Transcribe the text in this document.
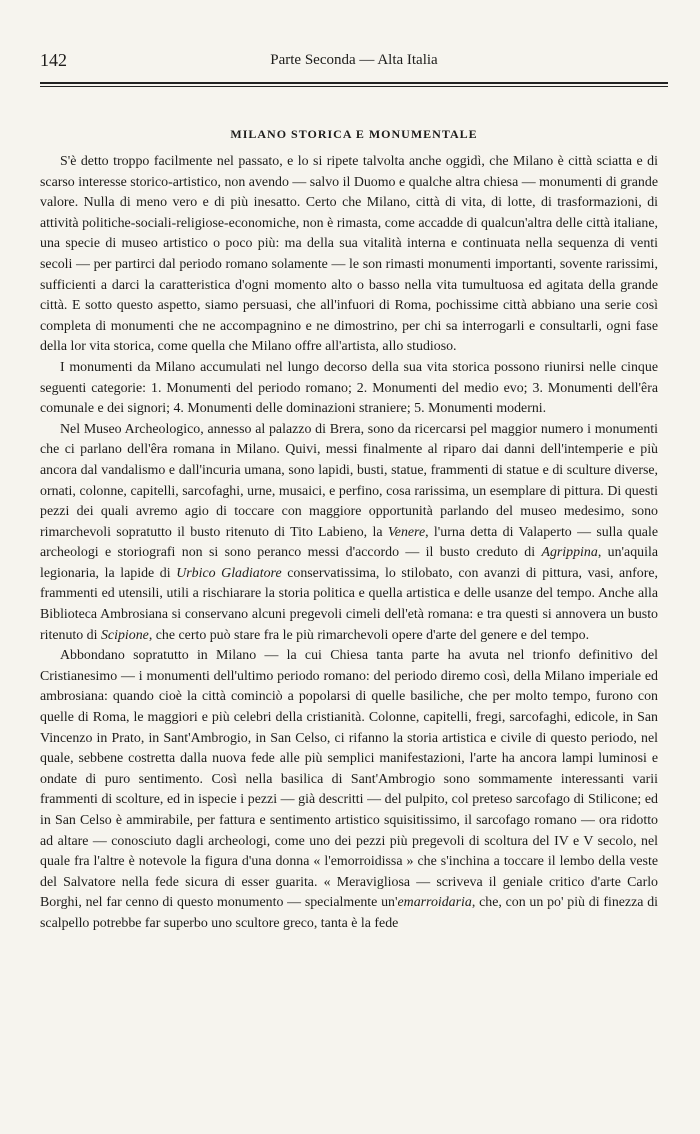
142	Parte Seconda — Alta Italia
MILANO STORICA E MONUMENTALE

S'è detto troppo facilmente nel passato, e lo si ripete talvolta anche oggidì, che Milano è città sciatta e di scarso interesse storico-artistico, non avendo — salvo il Duomo e qualche altra chiesa — monumenti di grande valore. Nulla di meno vero e di più inesatto. Certo che Milano, città di vita, di lotte, di trasformazioni, di attività politiche-sociali-religiose-economiche, non è rimasta, come accadde di qualcun'altra delle città italiane, una specie di museo artistico o poco più: ma della sua vitalità interna e continuata nella sequenza di venti secoli — per partirci dal periodo romano solamente — le son rimasti monumenti importanti, sovente rarissimi, sufficienti a darci la caratteristica d'ogni momento alto o basso nella vita tumultuosa ed agitata della grande città. E sotto questo aspetto, siamo persuasi, che all'infuori di Roma, pochissime città abbiano una serie così completa di monumenti che ne accompagnino e ne dimostrino, per chi sa interrogarli e consultarli, ogni fase della lor vita storica, come quella che Milano offre all'artista, allo studioso.

I monumenti da Milano accumulati nel lungo decorso della sua vita storica possono riunirsi nelle cinque seguenti categorie: 1. Monumenti del periodo romano; 2. Monumenti del medio evo; 3. Monumenti dell'êra comunale e dei signori; 4. Monumenti delle dominazioni straniere; 5. Monumenti moderni.

Nel Museo Archeologico, annesso al palazzo di Brera, sono da ricercarsi pel maggior numero i monumenti che ci parlano dell'êra romana in Milano. Quivi, messi finalmente al riparo dai danni dell'intemperie e più ancora dal vandalismo e dall'incuria umana, sono lapidi, busti, statue, frammenti di statue e di sculture diverse, ornati, colonne, capitelli, sarcofaghi, urne, musaici, e perfino, cosa rarissima, un esemplare di pittura. Di questi pezzi dei quali avremo agio di toccare con maggiore opportunità parlando del museo medesimo, sono rimarchevoli sopratutto il busto ritenuto di Tito Labieno, la Venere, l'urna detta di Valaperto — sulla quale archeologi e storiografi non si sono peranco messi d'accordo — il busto creduto di Agrippina, un'aquila legionaria, la lapide di Urbico Gladiatore conservatissima, lo stilobato, con avanzi di pittura, vasi, anfore, frammenti ed utensili, utili a rischiarare la storia politica e quella artistica e delle usanze del tempo. Anche alla Biblioteca Ambrosiana si conservano alcuni pregevoli cimeli dell'età romana: e tra questi si annovera un busto ritenuto di Scipione, che certo può stare fra le più rimarchevoli opere d'arte del genere e del tempo.

Abbondano sopratutto in Milano — la cui Chiesa tanta parte ha avuta nel trionfo definitivo del Cristianesimo — i monumenti dell'ultimo periodo romano: del periodo diremo così, della Milano imperiale ed ambrosiana: quando cioè la città cominciò a popolarsi di quelle basiliche, che per molto tempo, furono con quelle di Roma, le maggiori e più celebri della cristianità. Colonne, capitelli, fregi, sarcofaghi, edicole, in San Vincenzo in Prato, in Sant'Ambrogio, in San Celso, ci rifanno la storia artistica e civile di questo periodo, nel quale, sebbene costretta dalla nuova fede alle più semplici manifestazioni, l'arte ha ancora lampi luminosi e ondate di puro sentimento. Così nella basilica di Sant'Ambrogio sono sommamente interessanti varii frammenti di scolture, ed in ispecie i pezzi — già descritti — del pulpito, col preteso sarcofago di Stilicone; ed in San Celso è ammirabile, per fattura e sentimento artistico squisitissimo, il sarcofago romano — ora ridotto ad altare — conosciuto dagli archeologi, come uno dei pezzi più pregevoli di scoltura del IV e V secolo, nel quale fra l'altre è notevole la figura d'una donna « l'emorroidissa » che s'inchina a toccare il lembo della veste del Salvatore nella fede sicura di esser guarita. « Meravigliosa — scriveva il geniale critico d'arte Carlo Borghi, nel far cenno di questo monumento — specialmente un'emarroidaria, che, con un po' più di finezza di scalpello potrebbe far superbo uno scultore greco, tanta è la fede
